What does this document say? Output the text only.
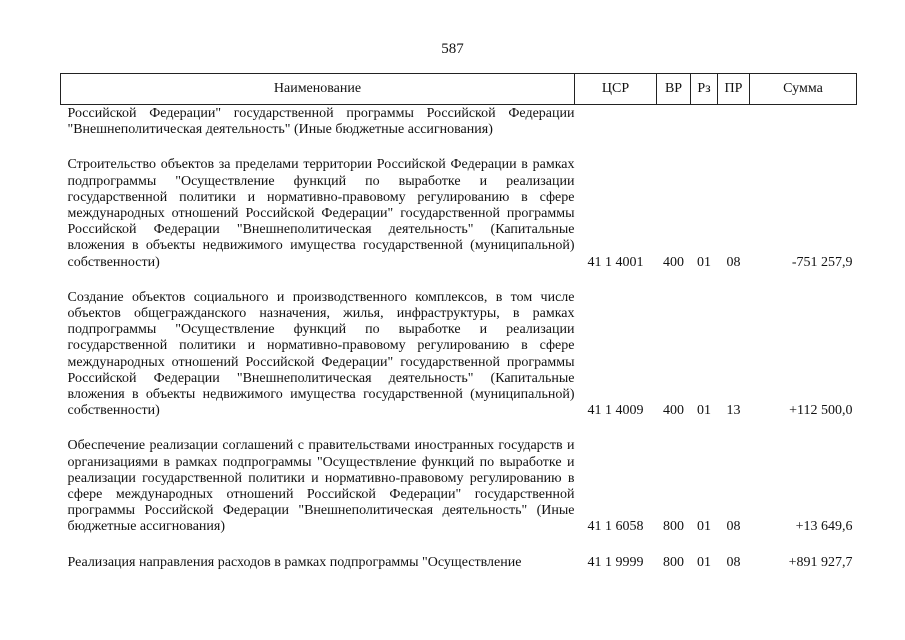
587
Наименование	ЦСР	ВР	Рз	ПР	Сумма
Российской Федерации" государственной программы Российской Федерации "Внешнеполитическая деятельность" (Иные бюджетные ассигнования)					

Строительство объектов за пределами территории Российской Федерации в рамках подпрограммы "Осуществление функций по выработке и реализации государственной политики и нормативно-правовому регулированию в сфере международных отношений Российской Федерации" государственной программы Российской Федерации "Внешнеполитическая деятельность" (Капитальные вложения в объекты недвижимого имущества государственной (муниципальной) собственности)	41 1 4001	400	01	08	-751 257,9

Создание объектов социального и производственного комплексов, в том числе объектов общегражданского назначения, жилья, инфраструктуры, в рамках подпрограммы "Осуществление функций по выработке и реализации государственной политики и нормативно-правовому регулированию в сфере международных отношений Российской Федерации" государственной программы Российской Федерации "Внешнеполитическая деятельность" (Капитальные вложения в объекты недвижимого имущества государственной (муниципальной) собственности)	41 1 4009	400	01	13	+112 500,0

Обеспечение реализации соглашений с правительствами иностранных государств и организациями в рамках подпрограммы "Осуществление функций по выработке и реализации государственной политики и нормативно-правовому регулированию в сфере международных отношений Российской Федерации" государственной программы Российской Федерации "Внешнеполитическая деятельность" (Иные бюджетные ассигнования)	41 1 6058	800	01	08	+13 649,6

Реализация направления расходов в рамках подпрограммы "Осуществление	41 1 9999	800	01	08	+891 927,7
